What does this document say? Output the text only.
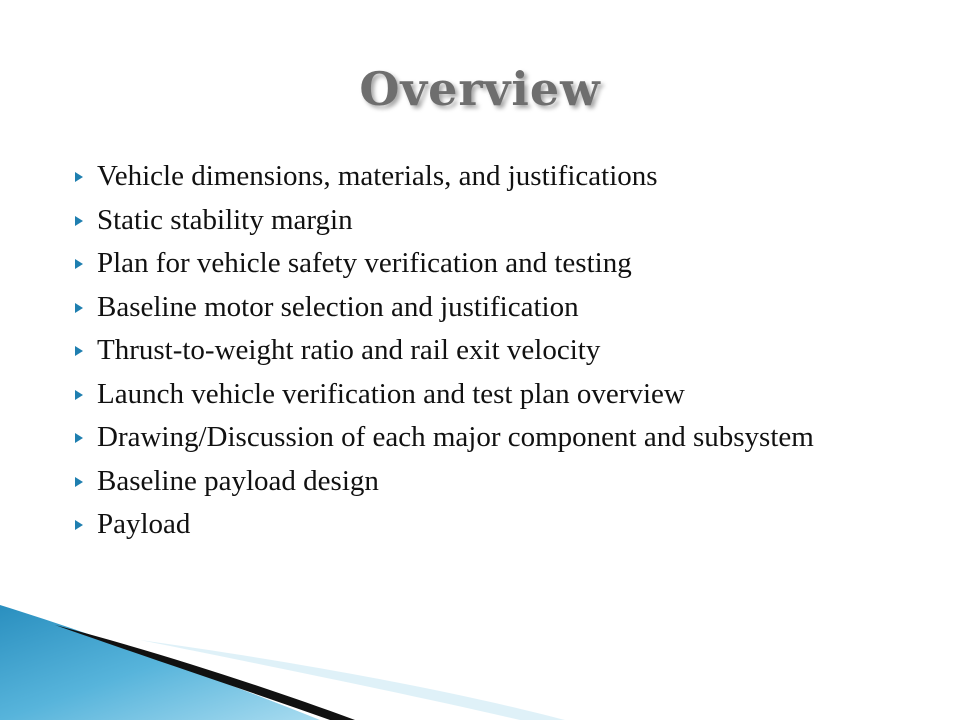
Overview
Vehicle dimensions, materials, and justifications
Static stability margin
Plan for vehicle safety verification and testing
Baseline motor selection and justification
Thrust-to-weight ratio and rail exit velocity
Launch vehicle verification and test plan overview
Drawing/Discussion of each major component and subsystem
Baseline payload design
Payload
